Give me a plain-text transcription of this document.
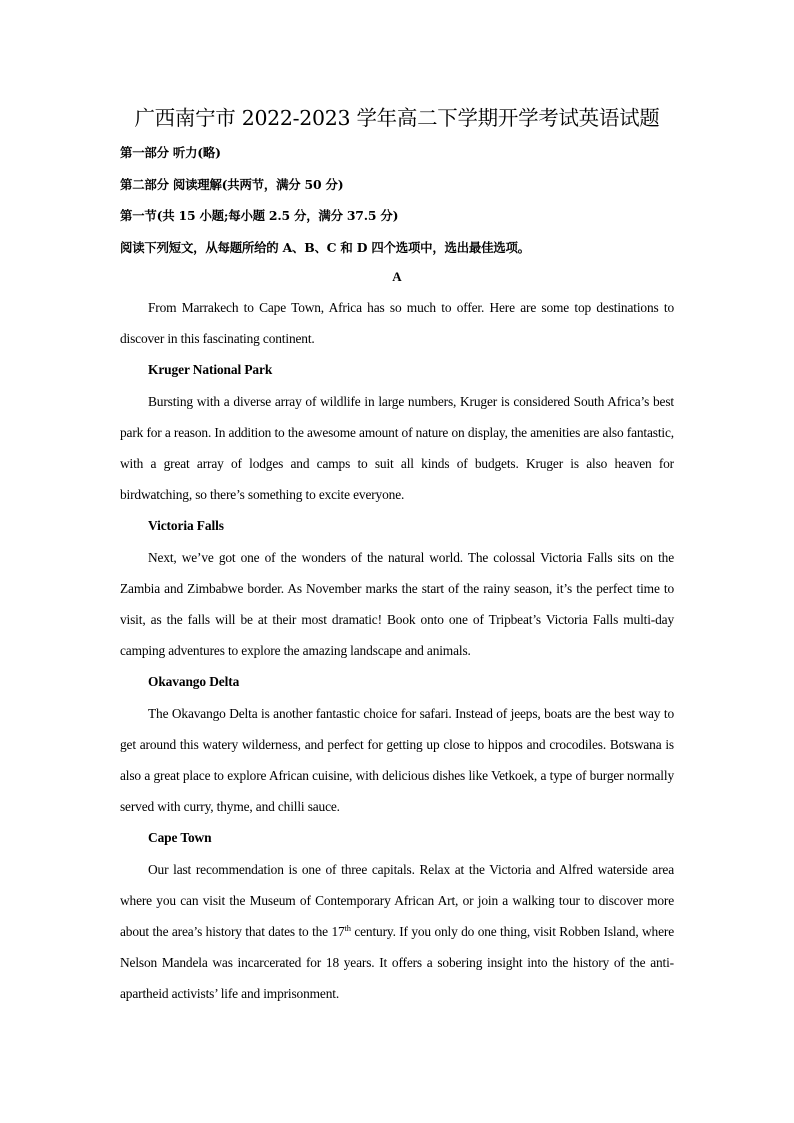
广西南宁市 2022-2023 学年高二下学期开学考试英语试题
第一部分 听力(略)
第二部分 阅读理解(共两节，满分 50 分)
第一节(共 15 小题;每小题 2.5 分，满分 37.5 分)
阅读下列短文，从每题所给的 A、B、C 和 D 四个选项中，选出最佳选项。
A

From Marrakech to Cape Town, Africa has so much to offer. Here are some top destinations to discover in this fascinating continent.

Kruger National Park

Bursting with a diverse array of wildlife in large numbers, Kruger is considered South Africa’s best park for a reason. In addition to the awesome amount of nature on display, the amenities are also fantastic, with a great array of lodges and camps to suit all kinds of budgets. Kruger is also heaven for birdwatching, so there’s something to excite everyone.

Victoria Falls

Next, we’ve got one of the wonders of the natural world. The colossal Victoria Falls sits on the Zambia and Zimbabwe border. As November marks the start of the rainy season, it’s the perfect time to visit, as the falls will be at their most dramatic! Book onto one of Tripbeat’s Victoria Falls multi-day camping adventures to explore the amazing landscape and animals.

Okavango Delta

The Okavango Delta is another fantastic choice for safari. Instead of jeeps, boats are the best way to get around this watery wilderness, and perfect for getting up close to hippos and crocodiles. Botswana is also a great place to explore African cuisine, with delicious dishes like Vetkoek, a type of burger normally served with curry, thyme, and chilli sauce.

Cape Town

Our last recommendation is one of three capitals. Relax at the Victoria and Alfred waterside area where you can visit the Museum of Contemporary African Art, or join a walking tour to discover more about the area’s history that dates to the 17th century. If you only do one thing, visit Robben Island, where Nelson Mandela was incarcerated for 18 years. It offers a sobering insight into the history of the anti-apartheid activists’ life and imprisonment.
